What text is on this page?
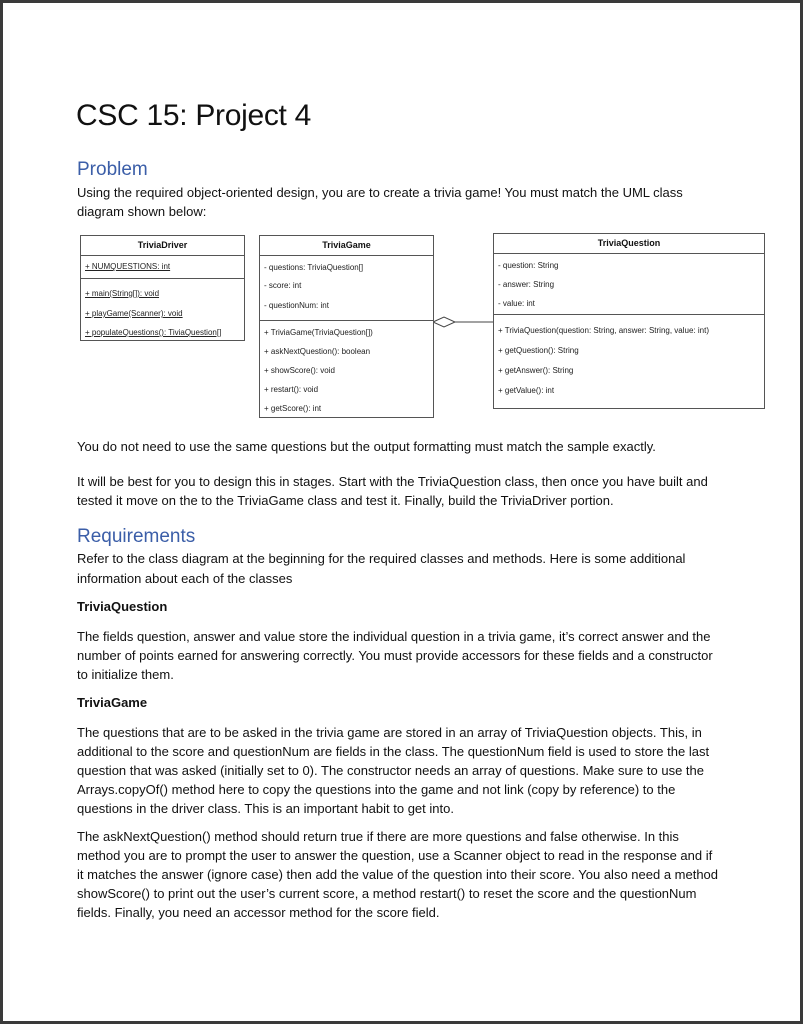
CSC 15: Project 4
Problem
Using the required object-oriented design, you are to create a trivia game! You must match the UML class
diagram shown below:
TriviaDriver
+ NUMQUESTIONS: int
+ main(String[]): void
+ playGame(Scanner): void
+ populateQuestions(): TiviaQuestion[]
TriviaGame
- questions: TriviaQuestion[]
- score: int
- questionNum: int
+ TriviaGame(TriviaQuestion[])
+ askNextQuestion(): boolean
+ showScore(): void
+ restart(): void
+ getScore(): int
TriviaQuestion
- question: String
- answer: String
- value: int
+ TriviaQuestion(question: String, answer: String, value: int)
+ getQuestion(): String
+ getAnswer(): String
+ getValue(): int
You do not need to use the same questions but the output formatting must match the sample exactly.
It will be best for you to design this in stages. Start with the TriviaQuestion class, then once you have built and
tested it move on the to the TriviaGame class and test it. Finally, build the TriviaDriver portion.
Requirements
Refer to the class diagram at the beginning for the required classes and methods. Here is some additional
information about each of the classes
TriviaQuestion
The fields question, answer and value store the individual question in a trivia game, it’s correct answer and the
number of points earned for answering correctly. You must provide accessors for these fields and a constructor
to initialize them.
TriviaGame
The questions that are to be asked in the trivia game are stored in an array of TriviaQuestion objects. This, in
additional to the score and questionNum are fields in the class. The questionNum field is used to store the last
question that was asked (initially set to 0). The constructor needs an array of questions. Make sure to use the
Arrays.copyOf() method here to copy the questions into the game and not link (copy by reference) to the
questions in the driver class. This is an important habit to get into.
The askNextQuestion() method should return true if there are more questions and false otherwise. In this
method you are to prompt the user to answer the question, use a Scanner object to read in the response and if
it matches the answer (ignore case) then add the value of the question into their score. You also need a method
showScore() to print out the user’s current score, a method restart() to reset the score and the questionNum
fields. Finally, you need an accessor method for the score field.
